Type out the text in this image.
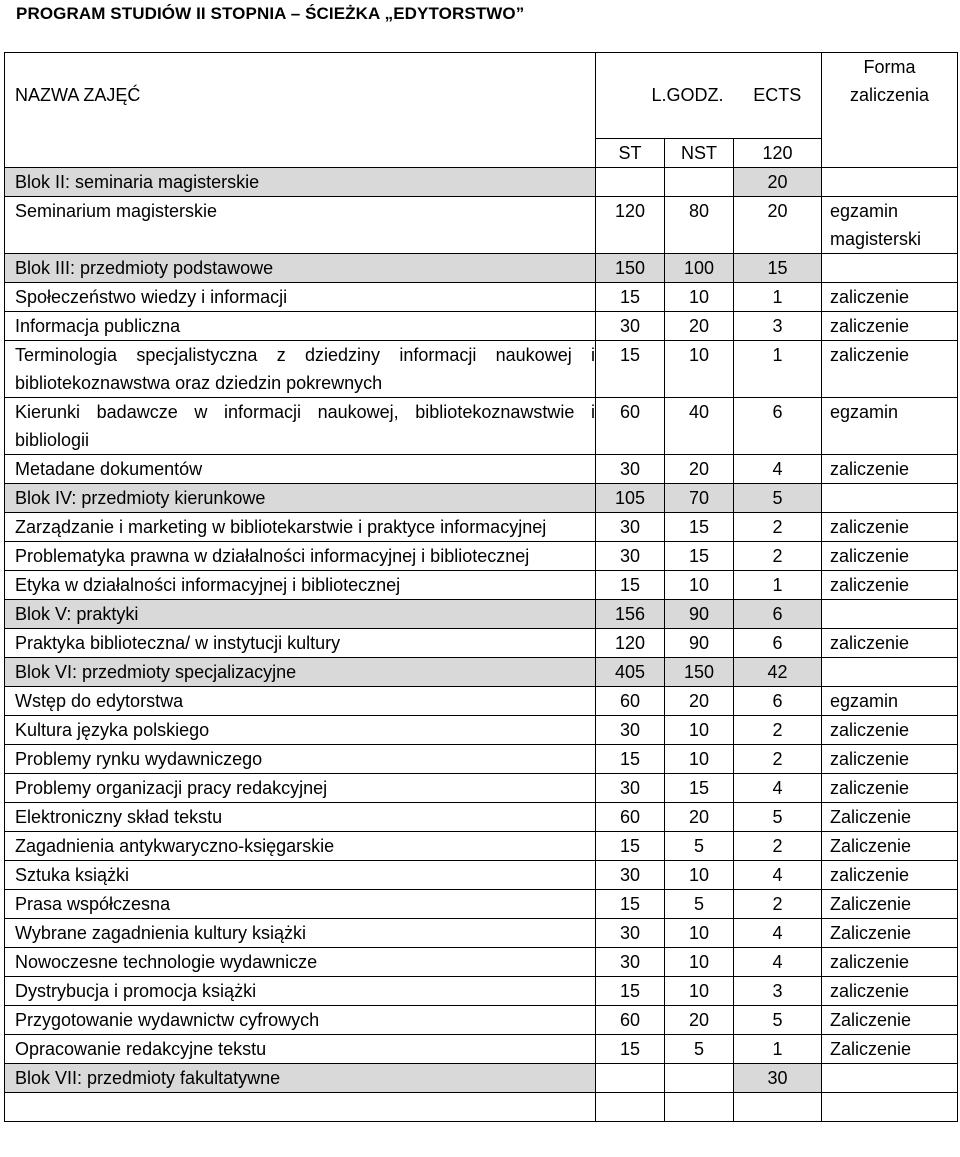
PROGRAM STUDIÓW II STOPNIA – ŚCIEŻKA „EDYTORSTWO”
NAZWA ZAJĘĆ	L.GODZ.		ECTS	Forma
zaliczenia

	ST	NST	120	
Blok II: seminaria magisterskie			20	
Seminarium magisterskie	120	80	20	egzamin magisterski
Blok III: przedmioty podstawowe	150	100	15	
Społeczeństwo wiedzy i informacji	15	10	1	zaliczenie
Informacja publiczna	30	20	3	zaliczenie
Terminologia specjalistyczna z dziedziny informacji naukowej i bibliotekoznawstwa oraz dziedzin pokrewnych	15	10	1	zaliczenie
Kierunki badawcze w informacji naukowej, bibliotekoznawstwie i bibliologii	60	40	6	egzamin
Metadane dokumentów	30	20	4	zaliczenie
Blok IV: przedmioty kierunkowe	105	70	5	
Zarządzanie i marketing w bibliotekarstwie i praktyce informacyjnej	30	15	2	zaliczenie
Problematyka prawna w działalności informacyjnej i bibliotecznej	30	15	2	zaliczenie
Etyka w działalności informacyjnej i bibliotecznej	15	10	1	zaliczenie
Blok V: praktyki	156	90	6	
Praktyka biblioteczna/ w instytucji kultury	120	90	6	zaliczenie
Blok VI: przedmioty specjalizacyjne	405	150	42	
Wstęp do edytorstwa	60	20	6	egzamin
Kultura języka polskiego	30	10	2	zaliczenie
Problemy rynku wydawniczego	15	10	2	zaliczenie
Problemy organizacji pracy redakcyjnej	30	15	4	zaliczenie
Elektroniczny skład tekstu	60	20	5	Zaliczenie
Zagadnienia antykwaryczno-księgarskie	15	5	2	Zaliczenie
Sztuka książki	30	10	4	zaliczenie
Prasa współczesna	15	5	2	Zaliczenie
Wybrane zagadnienia kultury książki	30	10	4	Zaliczenie
Nowoczesne technologie wydawnicze	30	10	4	zaliczenie
Dystrybucja i promocja książki	15	10	3	zaliczenie
Przygotowanie wydawnictw cyfrowych	60	20	5	Zaliczenie
Opracowanie redakcyjne tekstu	15	5	1	Zaliczenie
Blok VII: przedmioty fakultatywne			30	
